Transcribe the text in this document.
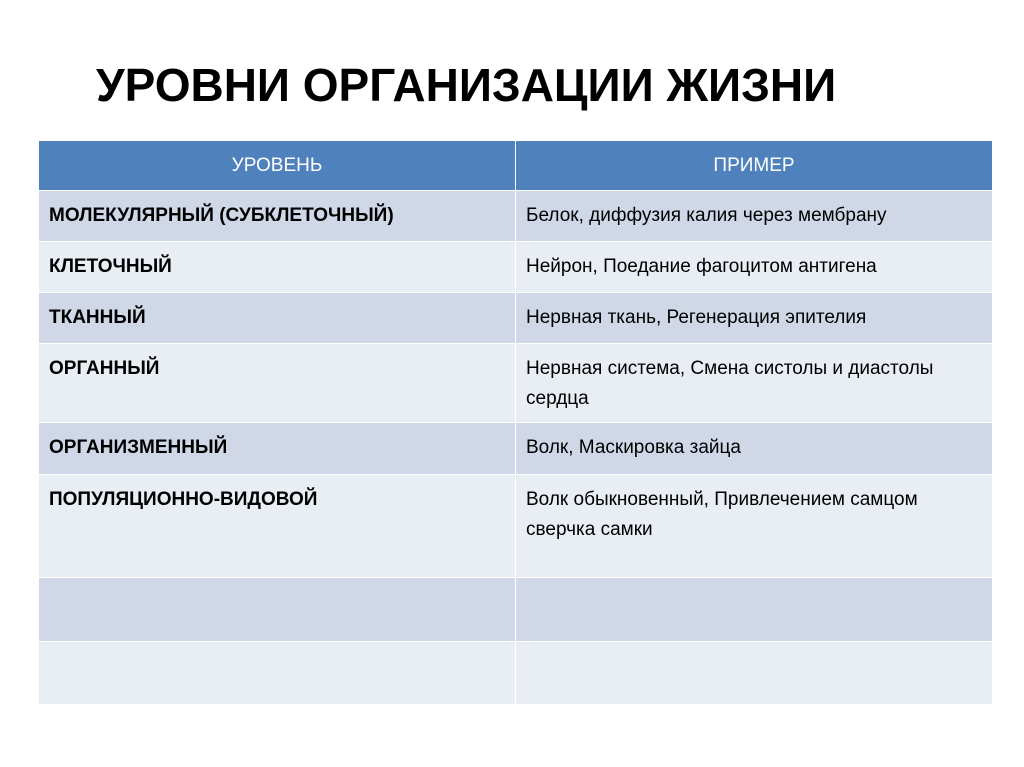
УРОВНИ ОРГАНИЗАЦИИ ЖИЗНИ
УРОВЕНЬ	ПРИМЕР
МОЛЕКУЛЯРНЫЙ (СУБКЛЕТОЧНЫЙ)	Белок, диффузия калия через мембрану
КЛЕТОЧНЫЙ	Нейрон, Поедание фагоцитом антигена
ТКАННЫЙ	Нервная ткань, Регенерация эпителия
ОРГАННЫЙ	Нервная система, Смена систолы и диастолы сердца
ОРГАНИЗМЕННЫЙ	Волк, Маскировка зайца
ПОПУЛЯЦИОННО-ВИДОВОЙ	Волк обыкновенный, Привлечением самцом сверчка самки
